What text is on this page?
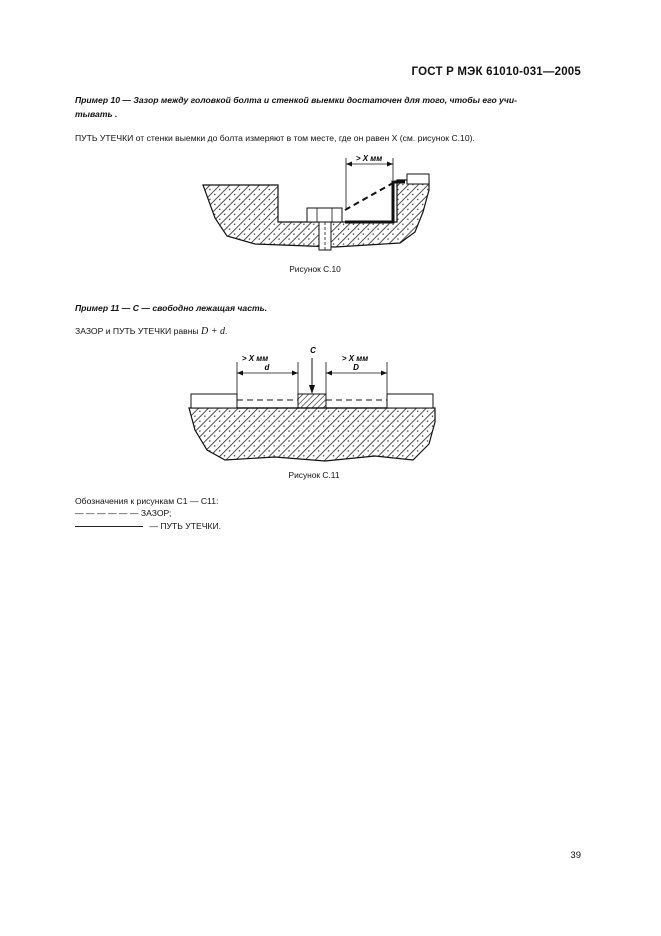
ГОСТ Р МЭК 61010-031—2005
Пример 10 — Зазор между головкой болта и стенкой выемки достаточен для того, чтобы его учи-
тывать .
ПУТЬ УТЕЧКИ от стенки выемки до болта измеряют в том месте, где он равен X (см. рисунок С.10).
> X мм
Рисунок С.10
Пример 11 — С — свободно лежащая часть.
ЗАЗОР и ПУТЬ УТЕЧКИ равны D + d.
С
> X мм
d
> X мм
D
Рисунок С.11
Обозначения к рисункам С1 — С11:
— — — — — — ЗАЗОР;
— ПУТЬ УТЕЧКИ.
39
